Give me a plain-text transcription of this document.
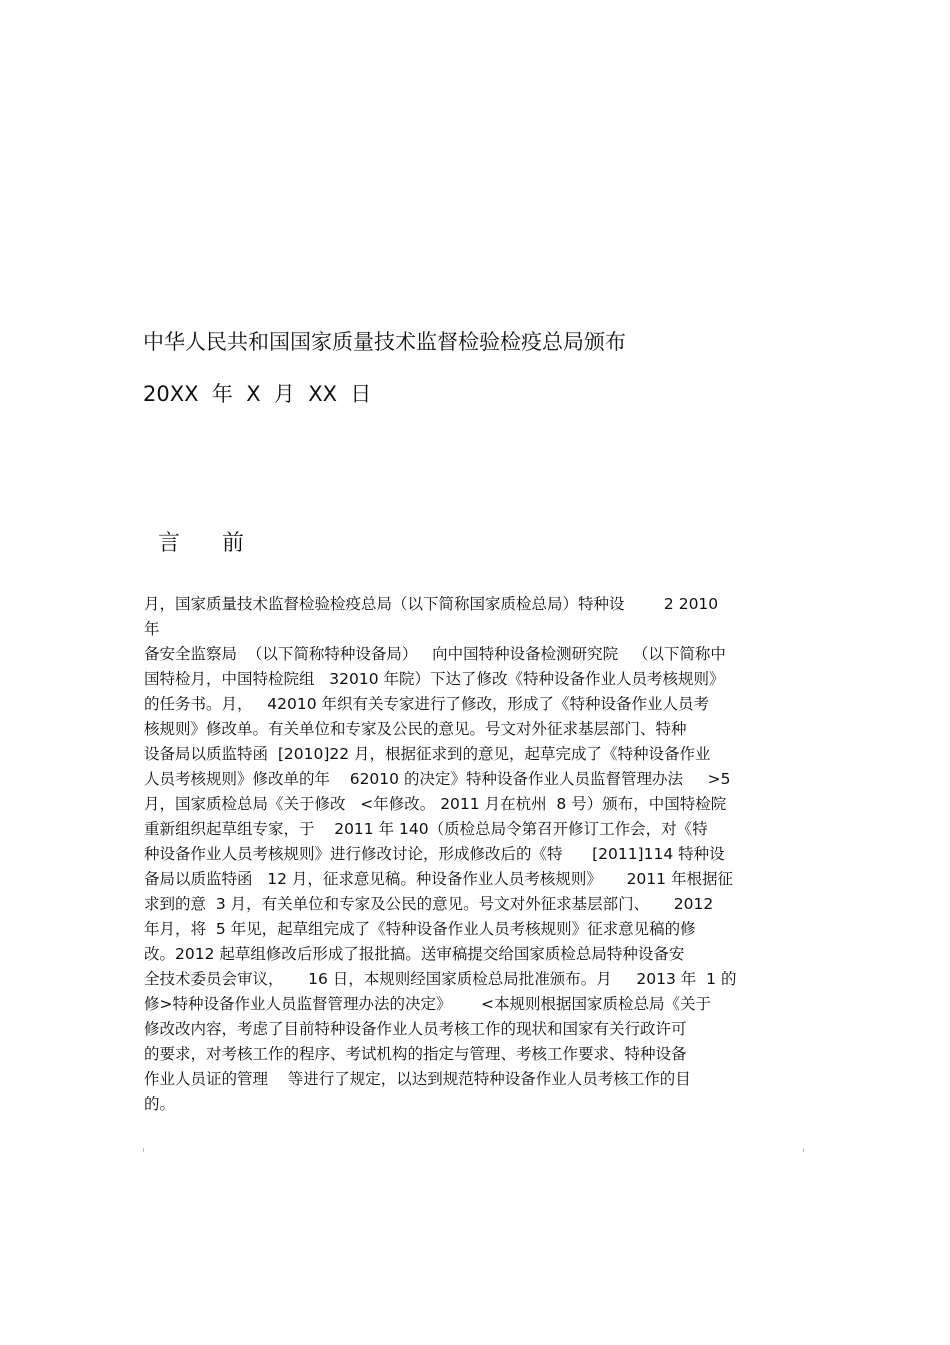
中华人民共和国国家质量技术监督检验检疫总局颁布
20XX  年  X  月  XX  日
言      前
月，国家质量技术监督检验检疫总局（以下简称国家质检总局）特种设        2 2010
年
备安全监察局  （以下简称特种设备局）   向中国特种设备检测研究院   （以下简称中
国特检月，中国特检院组   32010 年院）下达了修改《特种设备作业人员考核规则》
的任务书。月，   42010 年织有关专家进行了修改，形成了《特种设备作业人员考
核规则》修改单。有关单位和专家及公民的意见。号文对外征求基层部门、特种
设备局以质监特函  [2010]22 月，根据征求到的意见，起草完成了《特种设备作业
人员考核规则》修改单的年    62010 的决定》特种设备作业人员监督管理办法     >5
月，国家质检总局《关于修改   <年修改。 2011 月在杭州  8 号）颁布，中国特检院
重新组织起草组专家，于    2011 年 140（质检总局令第召开修订工作会，对《特
种设备作业人员考核规则》进行修改讨论，形成修改后的《特      [2011]114 特种设
备局以质监特函   12 月，征求意见稿。种设备作业人员考核规则》     2011 年根据征
求到的意  3 月，有关单位和专家及公民的意见。号文对外征求基层部门、     2012
年月，将  5 年见，起草组完成了《特种设备作业人员考核规则》征求意见稿的修
改。2012 起草组修改后形成了报批搞。送审稿提交给国家质检总局特种设备安
全技术委员会审议，     16 日，本规则经国家质检总局批准颁布。月     2013 年  1 的
修>特种设备作业人员监督管理办法的决定》      <本规则根据国家质检总局《关于
修改改内容，考虑了目前特种设备作业人员考核工作的现状和国家有关行政许可
的要求，对考核工作的程序、考试机构的指定与管理、考核工作要求、特种设备
作业人员证的管理    等进行了规定，以达到规范特种设备作业人员考核工作的目
的。
